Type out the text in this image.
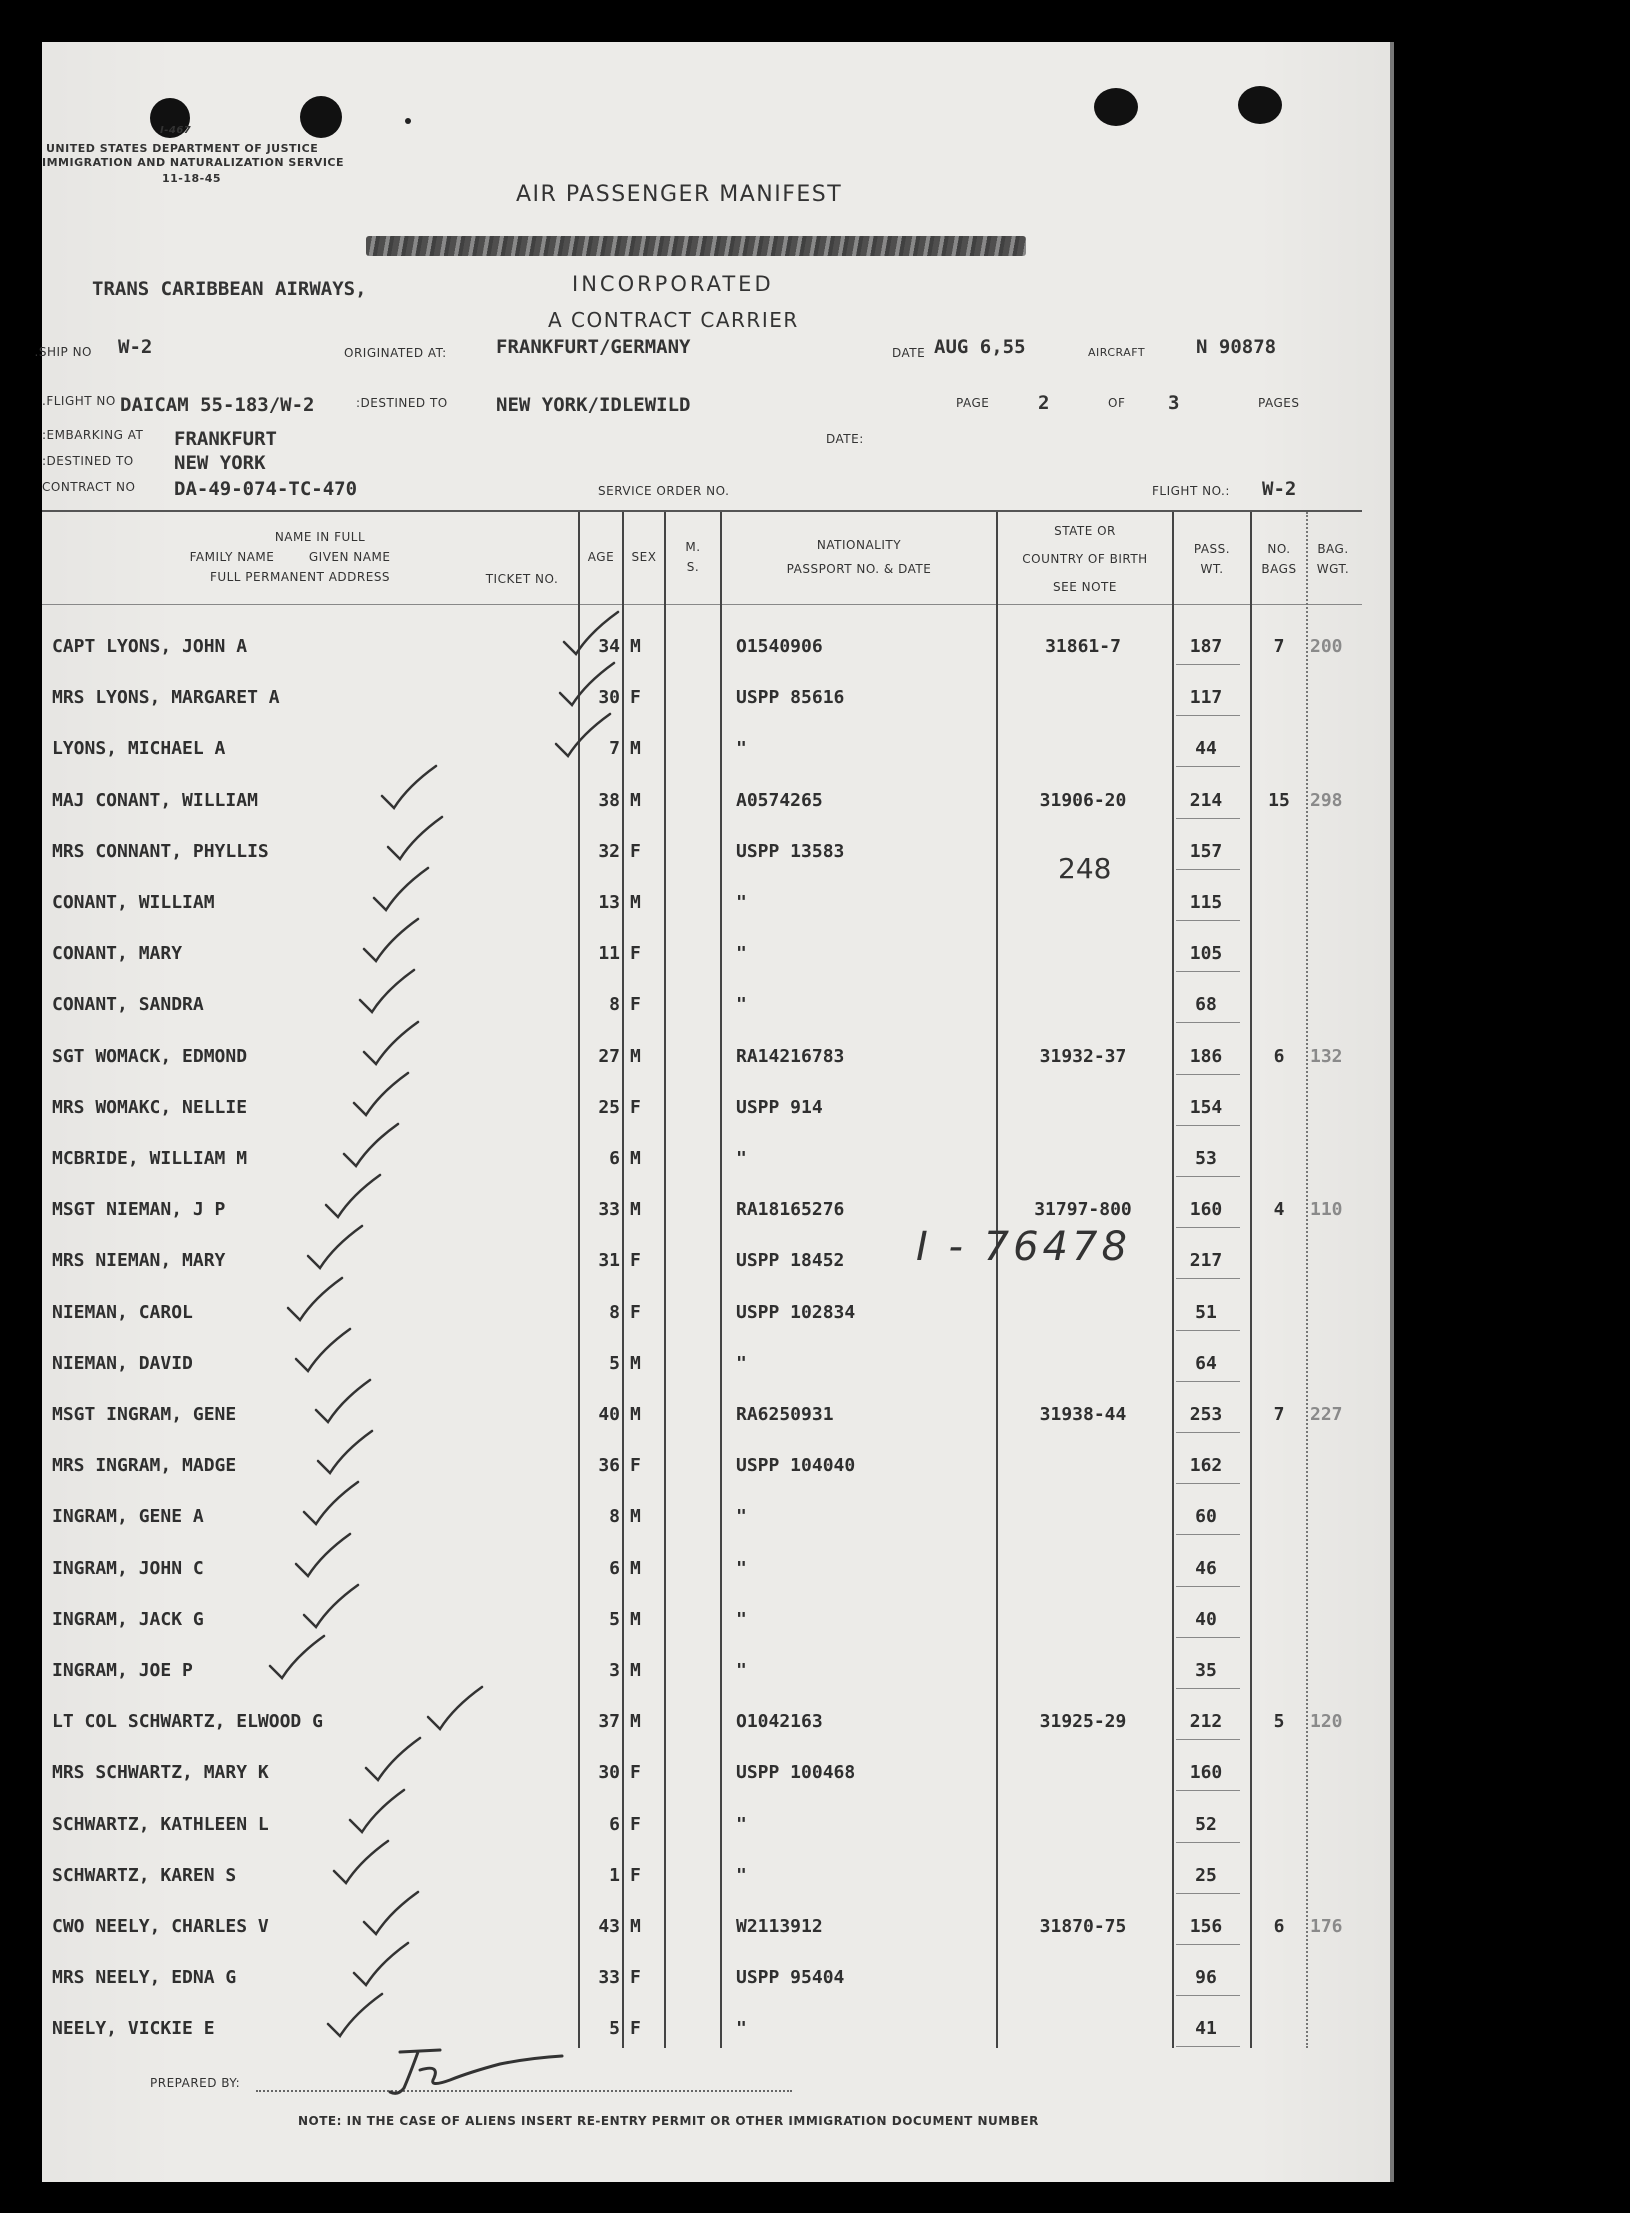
I-467
UNITED STATES DEPARTMENT OF JUSTICE
IMMIGRATION AND NATURALIZATION SERVICE
11-18-45
AIR PASSENGER MANIFEST
TRANS CARIBBEAN AIRWAYS,	INCORPORATED
A CONTRACT CARRIER
SHIP NO. W-2	ORIGINATED AT:	FRANKFURT/GERMANY	DATE AUG 6,55	AIRCRAFT	N 90878
FLIGHT NO. DAICAM 55-183/W-2	DESTINED TO:	NEW YORK/IDLEWILD	PAGE	2	OF 3	PAGES
EMBARKING AT: FRANKFURT	DATE:
DESTINED TO: NEW YORK
CONTRACT NO	DA-49-074-TC-470	SERVICE ORDER NO.	FLIGHT NO.: W-2
NAME IN FULL
FAMILY NAME        GIVEN NAME
FULL PERMANENT ADDRESS	TICKET NO.
AGE	SEX
M.
S.
NATIONALITY
PASSPORT NO. & DATE
STATE OR
COUNTRY OF BIRTH
SEE NOTE
PASS.
WT.
NO.
BAGS
BAG.
WGT.
CAPT LYONS, JOHN A	34 M	O1540906	31861-7	187	7	200
MRS LYONS, MARGARET A	30 F	USPP 85616	117
LYONS, MICHAEL A	7 M	"	44
MAJ CONANT, WILLIAM	38 M	A0574265	31906-20	214	15	298
MRS CONNANT, PHYLLIS	32 F	USPP 13583	157
CONANT, WILLIAM	13 M	"	115
CONANT, MARY	11 F	"	105
CONANT, SANDRA	8 F	"	68
SGT WOMACK, EDMOND	27 M	RA14216783	31932-37	186	6	132
MRS WOMAKC, NELLIE	25 F	USPP 914	154
MCBRIDE, WILLIAM M	6 M	"	53
MSGT NIEMAN, J P	33 M	RA18165276	31797-800	160	4	110
MRS NIEMAN, MARY	31 F	USPP 18452	217
NIEMAN, CAROL	8 F	USPP 102834	51
NIEMAN, DAVID	5 M	"	64
MSGT INGRAM, GENE	40 M	RA6250931	31938-44	253	7	227
MRS INGRAM, MADGE	36 F	USPP 104040	162
INGRAM, GENE A	8 M	"	60
INGRAM, JOHN C	6 M	"	46
INGRAM, JACK G	5 M	"	40
INGRAM, JOE P	3 M	"	35
LT COL SCHWARTZ, ELWOOD G	37 M	O1042163	31925-29	212	5	120
MRS SCHWARTZ, MARY K	30 F	USPP 100468	160
SCHWARTZ, KATHLEEN L	6 F	"	52
SCHWARTZ, KAREN S	1 F	"	25
CWO NEELY, CHARLES V	43 M	W2113912	31870-75	156	6	176
MRS NEELY, EDNA G	33 F	USPP 95404	96
NEELY, VICKIE E	5 F	"	41
248
I - 76478
PREPARED BY:
NOTE: IN THE CASE OF ALIENS INSERT RE-ENTRY PERMIT OR OTHER IMMIGRATION DOCUMENT NUMBER
